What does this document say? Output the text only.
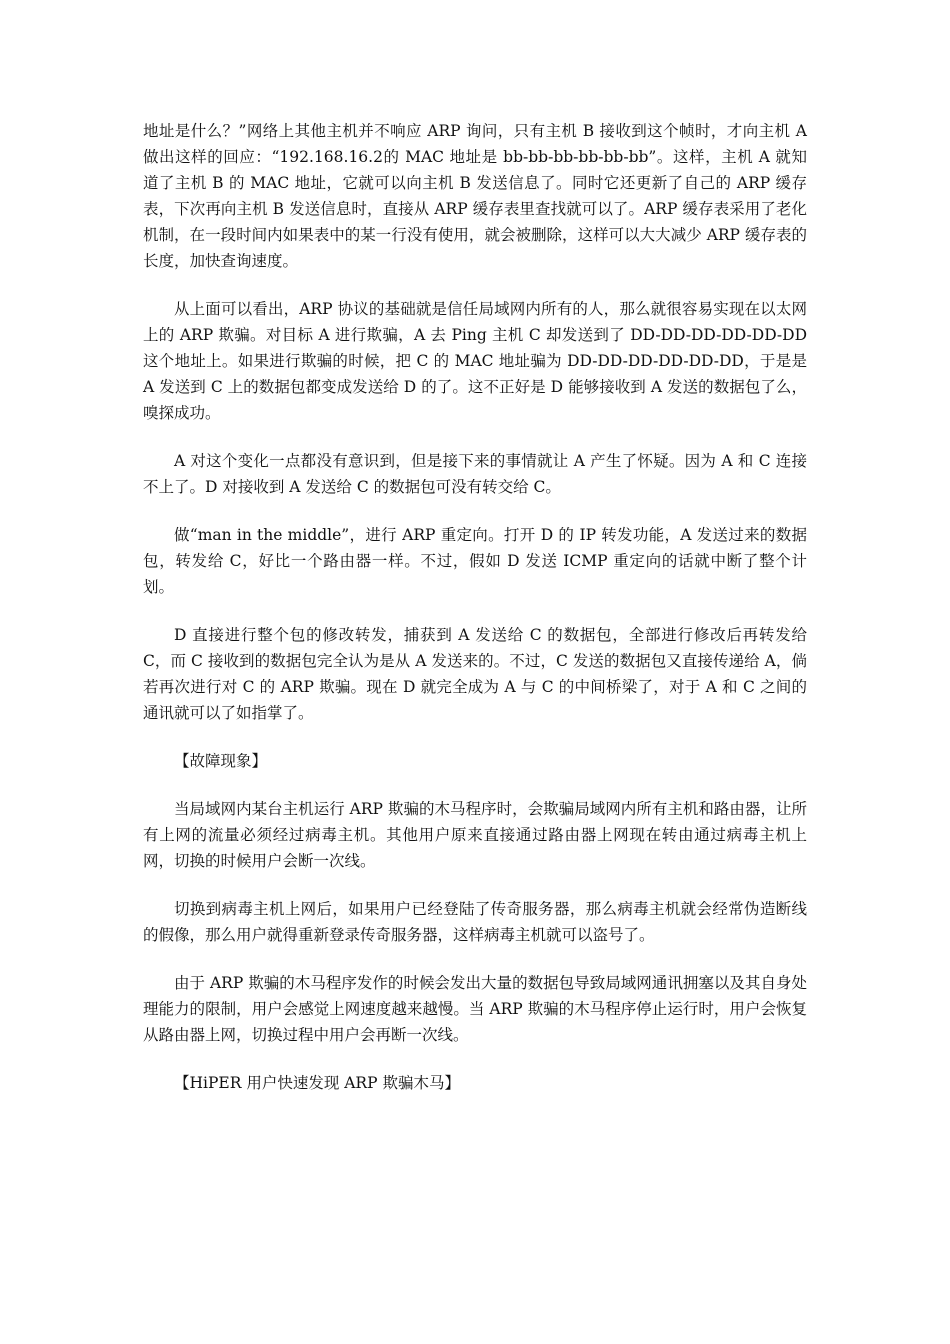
地址是什么？”网络上其他主机并不响应 ARP 询问，只有主机 B 接收到这个帧时，才向主机 A 做出这样的回应：“192.168.16.2的 MAC 地址是 bb-bb-bb-bb-bb-bb”。这样，主机 A 就知道了主机 B 的 MAC 地址，它就可以向主机 B 发送信息了。同时它还更新了自己的 ARP 缓存表，下次再向主机 B 发送信息时，直接从 ARP 缓存表里查找就可以了。ARP 缓存表采用了老化机制，在一段时间内如果表中的某一行没有使用，就会被删除，这样可以大大减少 ARP 缓存表的长度，加快查询速度。

从上面可以看出，ARP 协议的基础就是信任局域网内所有的人，那么就很容易实现在以太网上的 ARP 欺骗。对目标 A 进行欺骗，A 去 Ping 主机 C 却发送到了 DD-DD-DD-DD-DD-DD 这个地址上。如果进行欺骗的时候，把 C 的 MAC 地址骗为 DD-DD-DD-DD-DD-DD，于是是 A 发送到 C 上的数据包都变成发送给 D 的了。这不正好是 D 能够接收到 A 发送的数据包了么，嗅探成功。

A 对这个变化一点都没有意识到，但是接下来的事情就让 A 产生了怀疑。因为 A 和 C 连接不上了。D 对接收到 A 发送给 C 的数据包可没有转交给 C。

做“man in the middle”，进行 ARP 重定向。打开 D 的 IP 转发功能，A 发送过来的数据包，转发给 C，好比一个路由器一样。不过，假如 D 发送 ICMP 重定向的话就中断了整个计划。

D 直接进行整个包的修改转发，捕获到 A 发送给 C 的数据包，全部进行修改后再转发给 C，而 C 接收到的数据包完全认为是从 A 发送来的。不过，C 发送的数据包又直接传递给 A，倘若再次进行对 C 的 ARP 欺骗。现在 D 就完全成为 A 与 C 的中间桥梁了，对于 A 和 C 之间的通讯就可以了如指掌了。

【故障现象】

当局域网内某台主机运行 ARP 欺骗的木马程序时，会欺骗局域网内所有主机和路由器，让所有上网的流量必须经过病毒主机。其他用户原来直接通过路由器上网现在转由通过病毒主机上网，切换的时候用户会断一次线。

切换到病毒主机上网后，如果用户已经登陆了传奇服务器，那么病毒主机就会经常伪造断线的假像，那么用户就得重新登录传奇服务器，这样病毒主机就可以盗号了。

由于 ARP 欺骗的木马程序发作的时候会发出大量的数据包导致局域网通讯拥塞以及其自身处理能力的限制，用户会感觉上网速度越来越慢。当 ARP 欺骗的木马程序停止运行时，用户会恢复从路由器上网，切换过程中用户会再断一次线。

【HiPER 用户快速发现 ARP 欺骗木马】
